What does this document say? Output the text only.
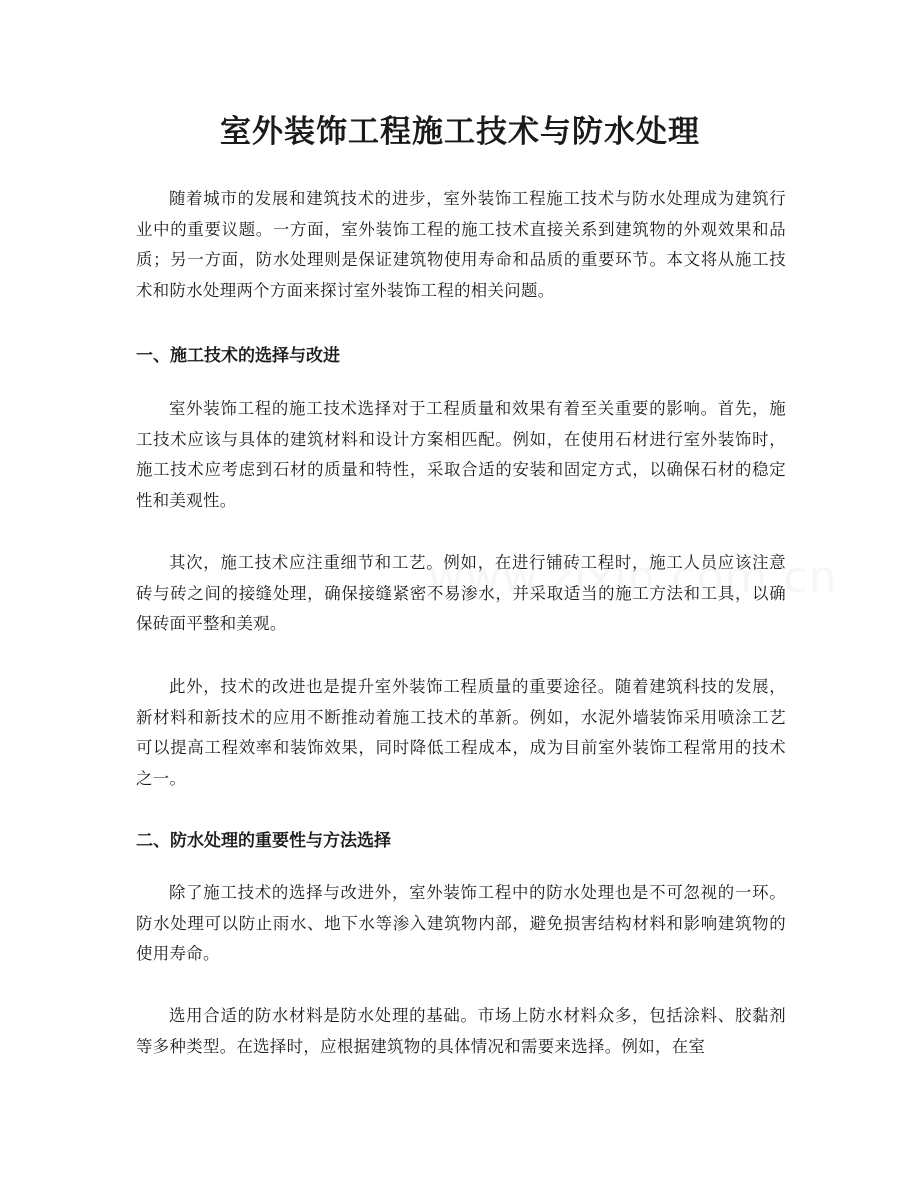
室外装饰工程施工技术与防水处理

随着城市的发展和建筑技术的进步，室外装饰工程施工技术与防水处理成为建筑行业中的重要议题。一方面，室外装饰工程的施工技术直接关系到建筑物的外观效果和品质；另一方面，防水处理则是保证建筑物使用寿命和品质的重要环节。本文将从施工技术和防水处理两个方面来探讨室外装饰工程的相关问题。

一、施工技术的选择与改进

室外装饰工程的施工技术选择对于工程质量和效果有着至关重要的影响。首先，施工技术应该与具体的建筑材料和设计方案相匹配。例如，在使用石材进行室外装饰时，施工技术应考虑到石材的质量和特性，采取合适的安装和固定方式，以确保石材的稳定性和美观性。

其次，施工技术应注重细节和工艺。例如，在进行铺砖工程时，施工人员应该注意砖与砖之间的接缝处理，确保接缝紧密不易渗水，并采取适当的施工方法和工具，以确保砖面平整和美观。

此外，技术的改进也是提升室外装饰工程质量的重要途径。随着建筑科技的发展，新材料和新技术的应用不断推动着施工技术的革新。例如，水泥外墙装饰采用喷涂工艺可以提高工程效率和装饰效果，同时降低工程成本，成为目前室外装饰工程常用的技术之一。

二、防水处理的重要性与方法选择

除了施工技术的选择与改进外，室外装饰工程中的防水处理也是不可忽视的一环。防水处理可以防止雨水、地下水等渗入建筑物内部，避免损害结构材料和影响建筑物的使用寿命。

选用合适的防水材料是防水处理的基础。市场上防水材料众多，包括涂料、胶黏剂等多种类型。在选择时，应根据建筑物的具体情况和需要来选择。例如，在室
